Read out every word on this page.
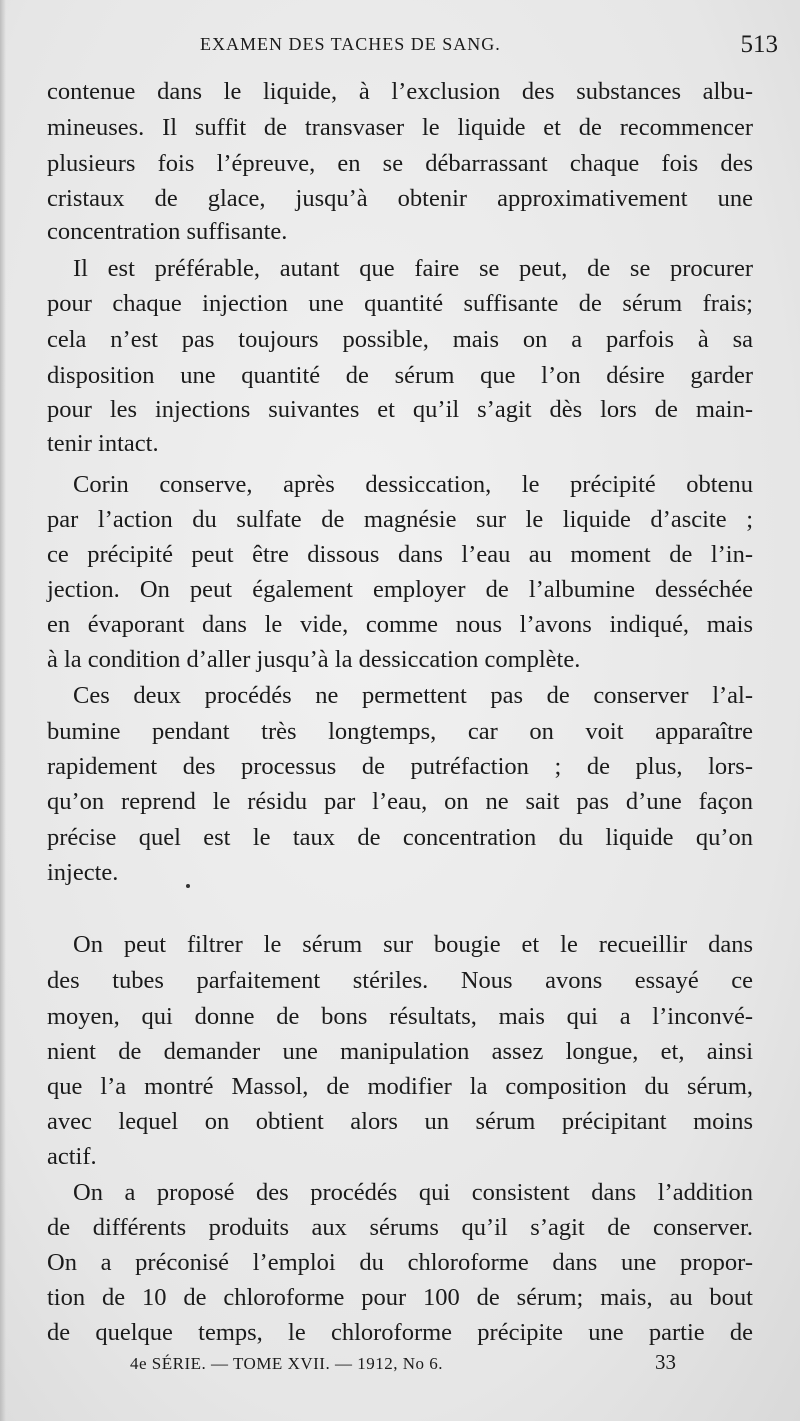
EXAMEN DES TACHES DE SANG.	513
contenue dans le liquide, à l’exclusion des substances albu-
mineuses. Il suffit de transvaser le liquide et de recommencer
plusieurs fois l’épreuve, en se débarrassant chaque fois des
cristaux de glace, jusqu’à obtenir approximativement une
concentration suffisante.
Il est préférable, autant que faire se peut, de se procurer
pour chaque injection une quantité suffisante de sérum frais;
cela n’est pas toujours possible, mais on a parfois à sa
disposition une quantité de sérum que l’on désire garder
pour les injections suivantes et qu’il s’agit dès lors de main-
tenir intact.
Corin conserve, après dessiccation, le précipité obtenu
par l’action du sulfate de magnésie sur le liquide d’ascite ;
ce précipité peut être dissous dans l’eau au moment de l’in-
jection. On peut également employer de l’albumine desséchée
en évaporant dans le vide, comme nous l’avons indiqué, mais
à la condition d’aller jusqu’à la dessiccation complète.
Ces deux procédés ne permettent pas de conserver l’al-
bumine pendant très longtemps, car on voit apparaître
rapidement des processus de putréfaction ; de plus, lors-
qu’on reprend le résidu par l’eau, on ne sait pas d’une façon
précise quel est le taux de concentration du liquide qu’on
injecte.
On peut filtrer le sérum sur bougie et le recueillir dans
des tubes parfaitement stériles. Nous avons essayé ce
moyen, qui donne de bons résultats, mais qui a l’inconvé-
nient de demander une manipulation assez longue, et, ainsi
que l’a montré Massol, de modifier la composition du sérum,
avec lequel on obtient alors un sérum précipitant moins
actif.
On a proposé des procédés qui consistent dans l’addition
de différents produits aux sérums qu’il s’agit de conserver.
On a préconisé l’emploi du chloroforme dans une propor-
tion de 10 de chloroforme pour 100 de sérum; mais, au bout
de quelque temps, le chloroforme précipite une partie de
4e SÉRIE. — TOME XVII. — 1912, No 6.	33
